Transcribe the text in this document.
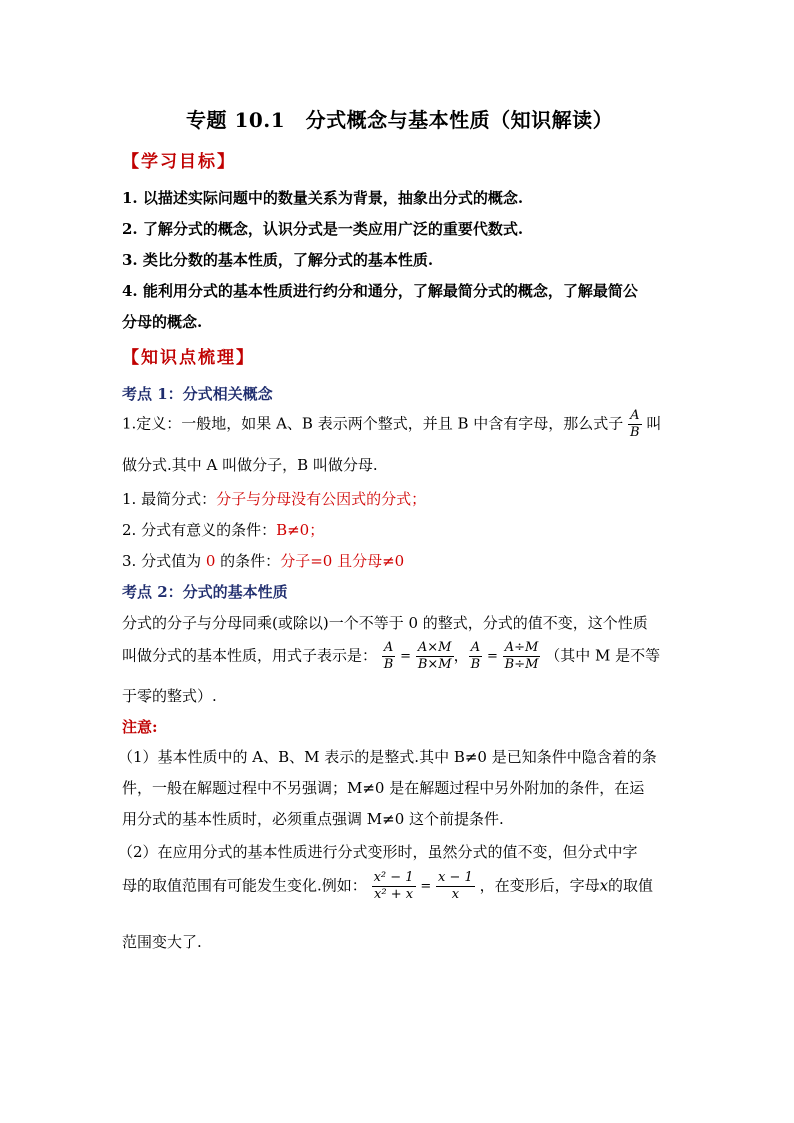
专题 10.1　分式概念与基本性质（知识解读）
【学习目标】
1. 以描述实际问题中的数量关系为背景，抽象出分式的概念.
2. 了解分式的概念，认识分式是一类应用广泛的重要代数式.
3. 类比分数的基本性质，了解分式的基本性质.
4. 能利用分式的基本性质进行约分和通分，了解最简分式的概念，了解最简公
分母的概念.
【知识点梳理】
考点 1：分式相关概念
1.定义：一般地，如果 A、B 表示两个整式，并且 B 中含有字母，那么式子 $\frac{A}{B}$ 叫
做分式.其中 A 叫做分子，B 叫做分母.
1. 最简分式：分子与分母没有公因式的分式；
2. 分式有意义的条件：B≠0；
3. 分式值为 0 的条件：分子=0 且分母≠0
考点 2：分式的基本性质
分式的分子与分母同乘(或除以)一个不等于 0 的整式，分式的值不变，这个性质
叫做分式的基本性质，用式子表示是： $\frac{A}{B} = \frac{A\times M}{B\times M}$ ， $\frac{A}{B} = \frac{A\div M}{B\div M}$ （其中 M 是不等
于零的整式）.
注意:
（1）基本性质中的 A、B、M 表示的是整式.其中 B≠0 是已知条件中隐含着的条
件，一般在解题过程中不另强调；M≠0 是在解题过程中另外附加的条件，在运
用分式的基本性质时，必须重点强调 M≠0 这个前提条件.
（2）在应用分式的基本性质进行分式变形时，虽然分式的值不变，但分式中字
母的取值范围有可能发生变化.例如： $\frac{\text{x² − 1}}{\text{x² + x}} = \frac{x - 1}{x}$ ，在变形后，字母x的取值
范围变大了.
